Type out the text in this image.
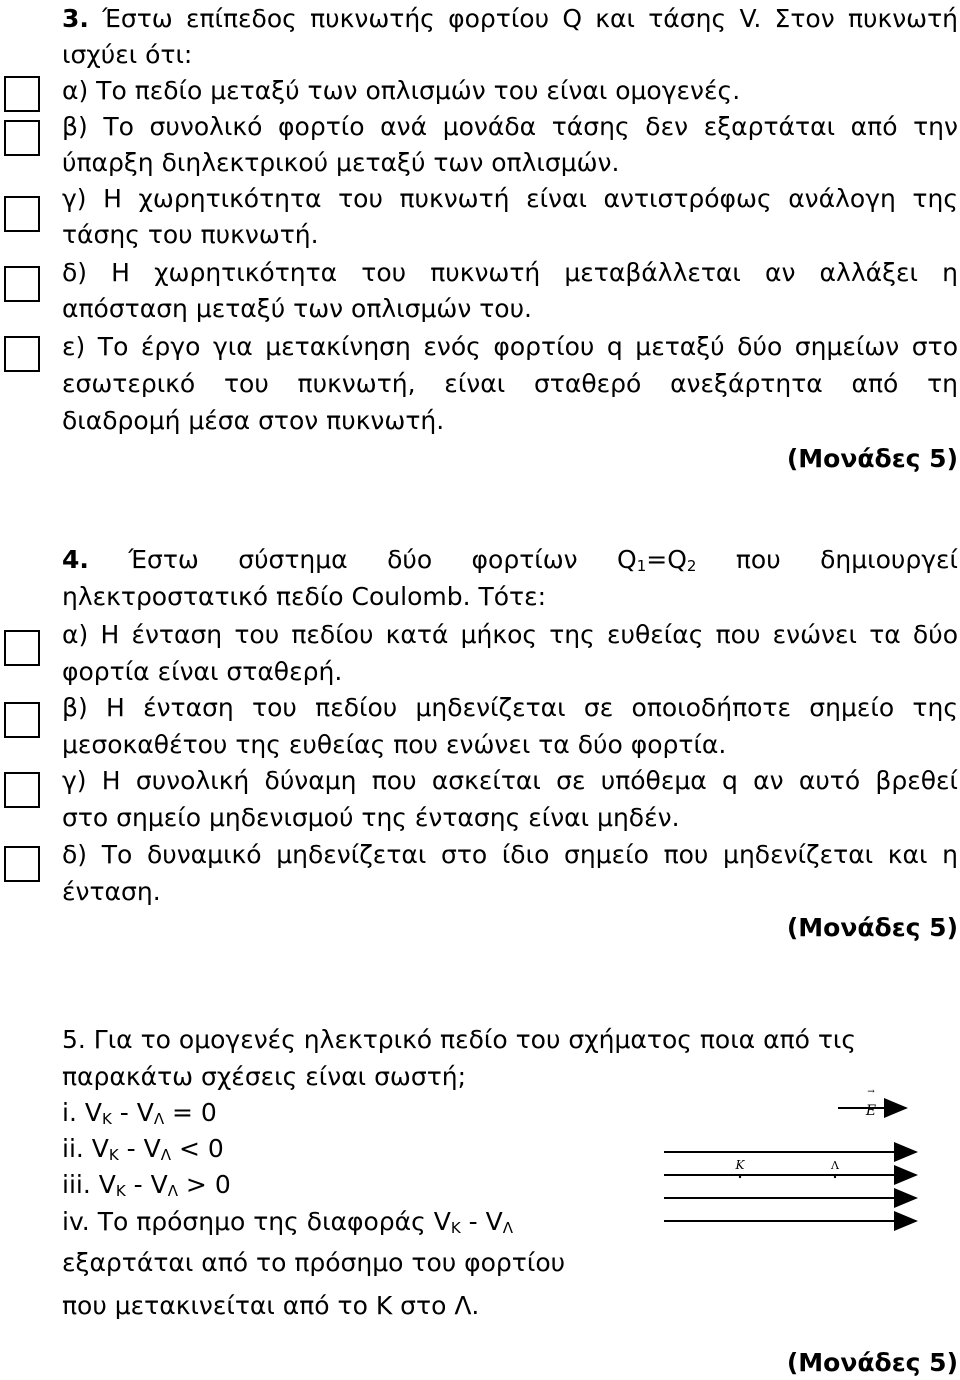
3. Έστω επίπεδος πυκνωτής φορτίου Q και τάσης V. Στον πυκνωτή
ισχύει ότι:
α) Το πεδίο μεταξύ των οπλισμών του είναι ομογενές.
β) Το συνολικό φορτίο ανά μονάδα τάσης δεν εξαρτάται από την
ύπαρξη διηλεκτρικού μεταξύ των οπλισμών.
γ) Η χωρητικότητα του πυκνωτή είναι αντιστρόφως ανάλογη της
τάσης του πυκνωτή.
δ) Η χωρητικότητα του πυκνωτή μεταβάλλεται αν αλλάξει η
απόσταση μεταξύ των οπλισμών του.
ε) Το έργο για μετακίνηση ενός φορτίου q μεταξύ δύο σημείων στο
εσωτερικό του πυκνωτή, είναι σταθερό ανεξάρτητα από τη
διαδρομή μέσα στον πυκνωτή.
(Μονάδες 5)
4. Έστω σύστημα δύο φορτίων $Q_1=Q_2$ που δημιουργεί
ηλεκτροστατικό πεδίο Coulomb. Τότε:
α) Η ένταση του πεδίου κατά μήκος της ευθείας που ενώνει τα δύο
φορτία είναι σταθερή.
β) Η ένταση του πεδίου μηδενίζεται σε οποιοδήποτε σημείο της
μεσοκαθέτου της ευθείας που ενώνει τα δύο φορτία.
γ) Η συνολική δύναμη που ασκείται σε υπόθεμα q αν αυτό βρεθεί
στο σημείο μηδενισμού της έντασης είναι μηδέν.
δ) Το δυναμικό μηδενίζεται στο ίδιο σημείο που μηδενίζεται και η
ένταση.
(Μονάδες 5)
5. Για το ομογενές ηλεκτρικό πεδίο του σχήματος ποια από τις
παρακάτω σχέσεις είναι σωστή;
i. $V_K - V_\Lambda = 0$
ii. $V_K - V_\Lambda < 0$
iii. $V_K - V_\Lambda > 0$
iv. Το πρόσημο της διαφοράς $V_K - V_\Lambda$
εξαρτάται από το πρόσημο του φορτίου
που μετακινείται από το Κ στο Λ.
→
E
K	Λ
(Μονάδες 5)
